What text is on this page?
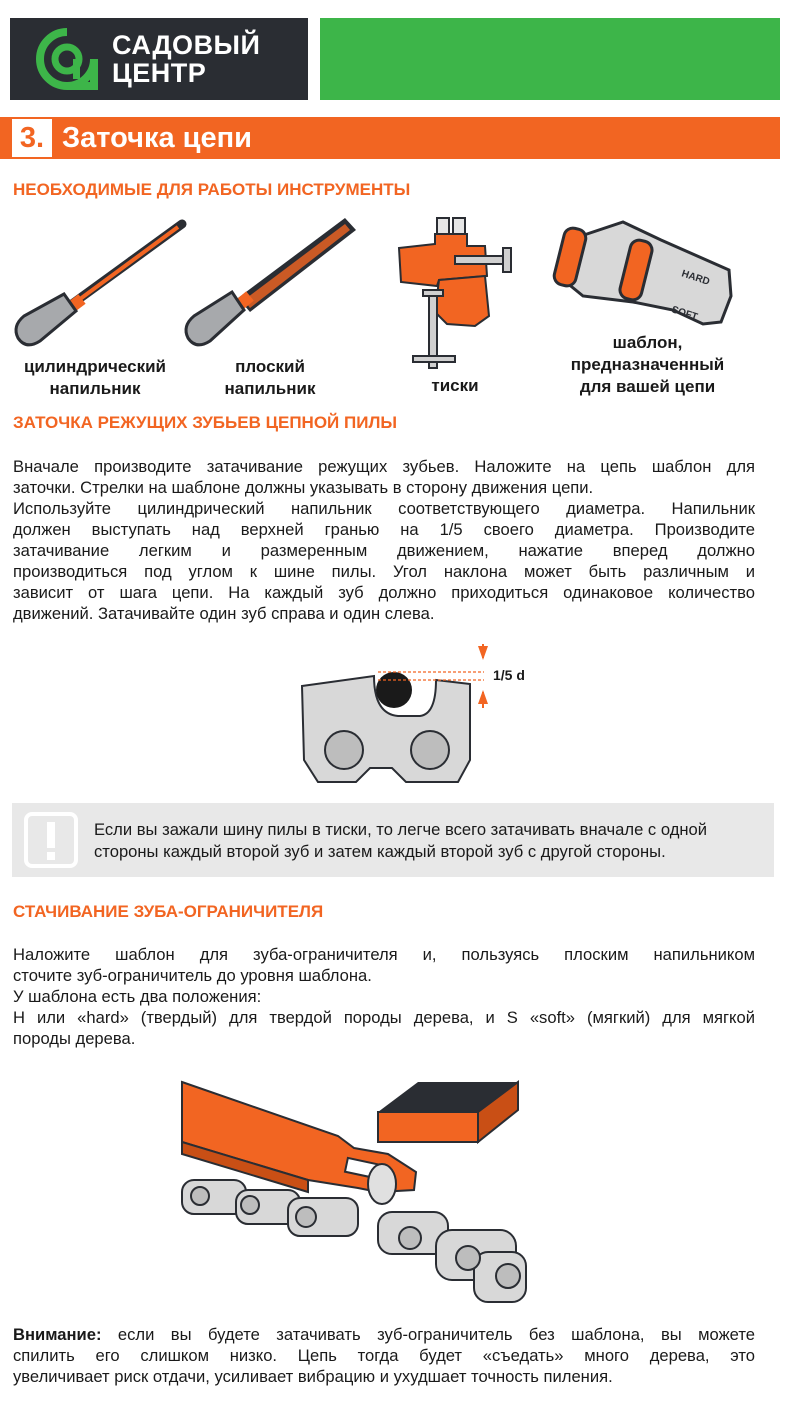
САДОВЫЙ
ЦЕНТР
3. Заточка цепи
НЕОБХОДИМЫЕ ДЛЯ РАБОТЫ ИНСТРУМЕНТЫ
HARD
SOFT
цилиндрический
напильник
плоский
напильник	тиски
шаблон,
предназначенный
для вашей цепи
ЗАТОЧКА РЕЖУЩИХ ЗУБЬЕВ ЦЕПНОЙ ПИЛЫ
Вначале производите затачивание режущих зубьев. Наложите на цепь шаблон для
заточки. Стрелки на шаблоне должны указывать в сторону движения цепи.
Используйте цилиндрический напильник соответствующего диаметра. Напильник
должен выступать над верхней гранью на 1/5 своего диаметра. Производите
затачивание легким и размеренным движением, нажатие вперед должно
производиться под углом к шине пилы. Угол наклона может быть различным и
зависит от шага цепи. На каждый зуб должно приходиться одинаковое количество
движений. Затачивайте один зуб справа и один слева.
1/5 d
Если вы зажали шину пилы в тиски, то легче всего затачивать вначале с одной
стороны каждый второй зуб и затем каждый второй зуб с другой стороны.
СТАЧИВАНИЕ ЗУБА-ОГРАНИЧИТЕЛЯ
Наложите шаблон для зуба-ограничителя и, пользуясь плоским напильником
сточите зуб-ограничитель до уровня шаблона.
У шаблона есть два положения:
Н или «hard» (твердый) для твердой породы дерева, и S «soft» (мягкий) для мягкой
породы дерева.
Внимание: если вы будете затачивать зуб-ограничитель без шаблона, вы можете
спилить его слишком низко. Цепь тогда будет «съедать» много дерева, это
увеличивает риск отдачи, усиливает вибрацию и ухудшает точность пиления.
